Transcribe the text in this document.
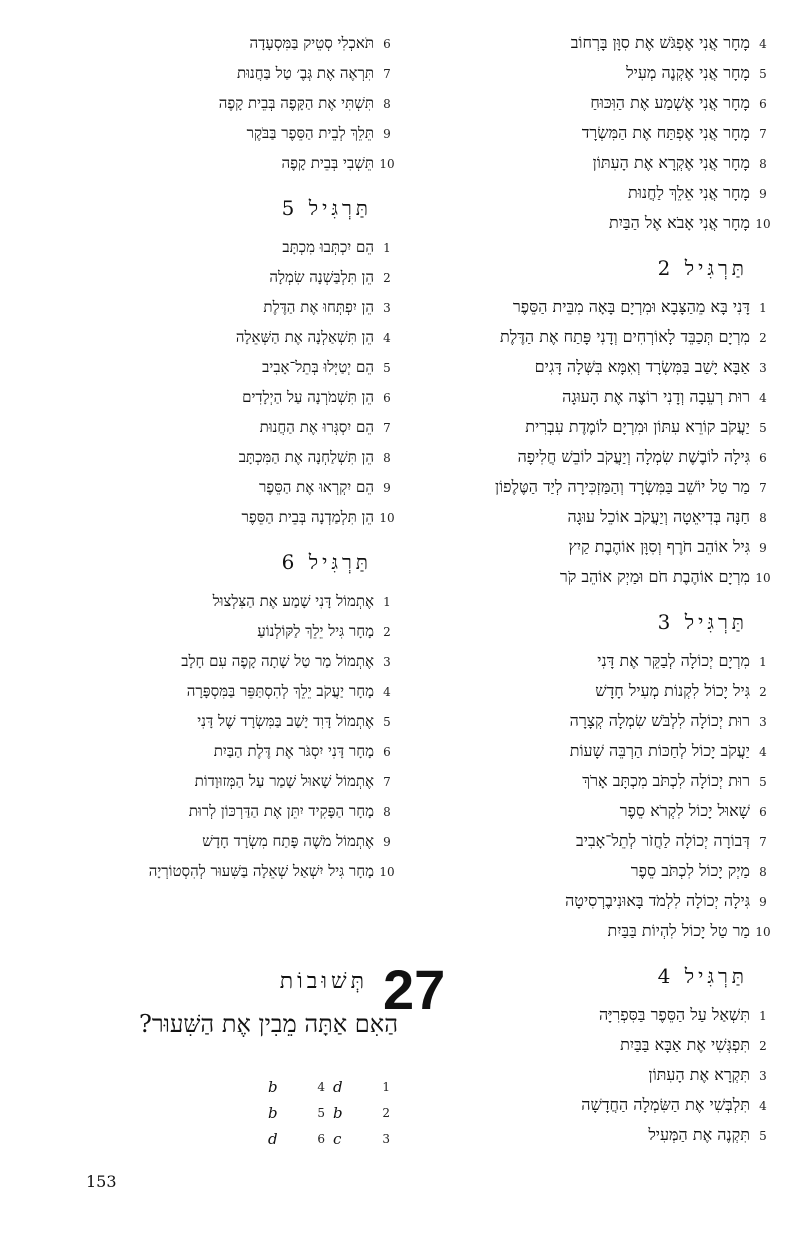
6
תֹּאכְלִי סְטֵיק בַּמִּסְעָדָה
7
תִּרְאֶה אֶת גְּבֶ׳ טַל בַּחֲנוּת
8
תִּשְׁתִּי אֶת הַקָּפֶה בְּבֵית קָפֶה
9
תֵּלֵךְ לְבֵית הַסֵּפֶר בַּבֹּקֶר
10
תֵּשְׁבִי בְּבֵית קָפֶה
תַּרְגִּיל 5
1
הֵם יִכְתְּבוּ מִכְתָּב
2
הֵן תִּלְבַּשְׁנָה שִׂמְלָה
3
הֵן יִפְתְּחוּ אֶת הַדֶּלֶת
4
הֵן תִּשְׁאַלְנָה אֶת הַשְּׁאֵלָה
5
הֵם יְטַיְּלוּ בְּתֵל־אָבִיב
6
הֵן תִּשְׁמֹרְנָה עַל הַיְלָדִים
7
הֵם יִסְגְּרוּ אֶת הַחֲנוּת
8
הֵן תִּשְׁלַחְנָה אֶת הַמִּכְתָּב
9
הֵם יִקְרְאוּ אֶת הַסֵּפֶר
10
הֵן תִּלְמַדְנָה בְּבֵית הַסֵּפֶר
תַּרְגִּיל 6
1
אֶתְמוֹל דָּנִי שָׁמַע אֶת הַצִּלְצוּל
2
מָחָר גִּיל יֵלֵךְ לַקּוֹלְנוֹעַ
3
אֶתְמוֹל מַר טַל שָׁתָה קָפֶה עִם חָלָב
4
מָחָר יַעֲקֹב יֵלֵךְ לְהִסְתַּפֵּר בַּמִּסְפָּרָה
5
אֶתְמוֹל דָּוִד יָשַׁב בַּמִּשְׂרָד שֶׁל דָּנִי
6
מָחָר דָּנִי יִסְגֹּר אֶת דֶּלֶת הַבַּיִת
7
אֶתְמוֹל שָׁאוּל שָׁמַר עַל הַמְּזוּוָדוֹת
8
מָחָר הַפָּקִיד יִתֵּן אֶת הַדַּרְכּוֹן לְרוּת
9
אֶתְמוֹל מֹשֶׁה פָּתַח מִשְׂרָד חָדָשׁ
10
מָחָר גִּיל יִשְׁאַל שְׁאֵלָה בַּשִּׁעוּר לְהִסְטוֹרְיָה
4
מָחָר אֲנִי אֶפְגֹּשׁ אֶת סִוָּן בָּרְחוֹב
5
מָחָר אֲנִי אֶקְנֶה מְעִיל
6
מָחָר אֲנִי אֶשְׁמַע אֶת הַוִּכּוּחַ
7
מָחָר אֲנִי אֶפְתַּח אֶת הַמִּשְׂרָד
8
מָחָר אֲנִי אֶקְרָא אֶת הָעִתּוֹן
9
מָחָר אֲנִי אֵלֵךְ לַחֲנוּת
10
מָחָר אֲנִי אָבֹא אֶל הַבַּיִת
תַּרְגִּיל 2
1
דָּנִי בָּא מֵהַצָּבָא וּמִרְיָם בָּאָה מִבֵּית הַסֵּפֶר
2
מִרְיָם תְּכַבֵּד לָאוֹרְחִים וְדָנִי פָּתַח אֶת הַדֶּלֶת
3
אַבָּא יָשַׁב בַּמִּשְׂרָד וְאִמָּא בִּשְּׁלָה דָּגִים
4
רוּת רְעֵבָה וְדָנִי רוֹצֶה אֶת הָעוּגָה
5
יַעֲקֹב קוֹרֵא עִתּוֹן וּמִרְיָם לוֹמֶדֶת עִבְרִית
6
גִּילָה לוֹבֶשֶׁת שִׂמְלָה וְיַעֲקֹב לוֹבֵשׁ חֲלִיפָה
7
מַר טַל יוֹשֵׁב בַּמִּשְׂרָד וְהַמַּזְכִּירָה לְיַד הַטֶּלֶפוֹן
8
חַנָּה בְּדִיאֵטָה וְיַעֲקֹב אוֹכֵל עוּגָה
9
גִּיל אוֹהֵב חֹרֶף וְסִוָּן אוֹהֶבֶת קַיִץ
10
מִרְיָם אוֹהֶבֶת חֹם וּמַיְק אוֹהֵב קֹר
תַּרְגִּיל 3
1
מִרְיָם יְכוֹלָה לְבַקֵּר אֶת דָּנִי
2
גִּיל יָכוֹל לִקְנוֹת מְעִיל חָדָשׁ
3
רוּת יְכוֹלָה לִלְבֹּשׁ שִׂמְלָה קְצָרָה
4
יַעֲקֹב יָכוֹל לְחַכּוֹת הַרְבֵּה שָׁעוֹת
5
רוּת יְכוֹלָה לִכְתֹּב מִכְתָּב אָרֹךְ
6
שָׁאוּל יָכוֹל לִקְרֹא סֵפֶר
7
דְּבוֹרָה יְכוֹלָה לַחֲזֹר לְתֵל־אָבִיב
8
מַיְק יָכוֹל לִכְתֹּב סֵפֶר
9
גִּילָה יְכוֹלָה לִלְמֹד בָּאוּנִיבֶרְסִיטָה
10
מַר טַל יָכוֹל לִהְיוֹת בַּבַּיִת
תַּרְגִּיל 4
1
תִּשְׁאַל עַל הַסֵּפֶר בַּסִּפְרִיָּה
2
תִּפְגְּשִׁי אֶת אַבָּא בַּבַּיִת
3
תִּקְרָא אֶת הָעִתּוֹן
4
תִּלְבְּשִׁי אֶת הַשִּׂמְלָה הַחֲדָשָׁה
5
תִּקְנֶה אֶת הַמְּעִיל
27
תְּשׁוּבוֹת
הַאִם אַתָּה מֵבִין אֶת הַשִּׁעוּר?
b	4 d	1
b	5 b	2
d	6 c	3
153
